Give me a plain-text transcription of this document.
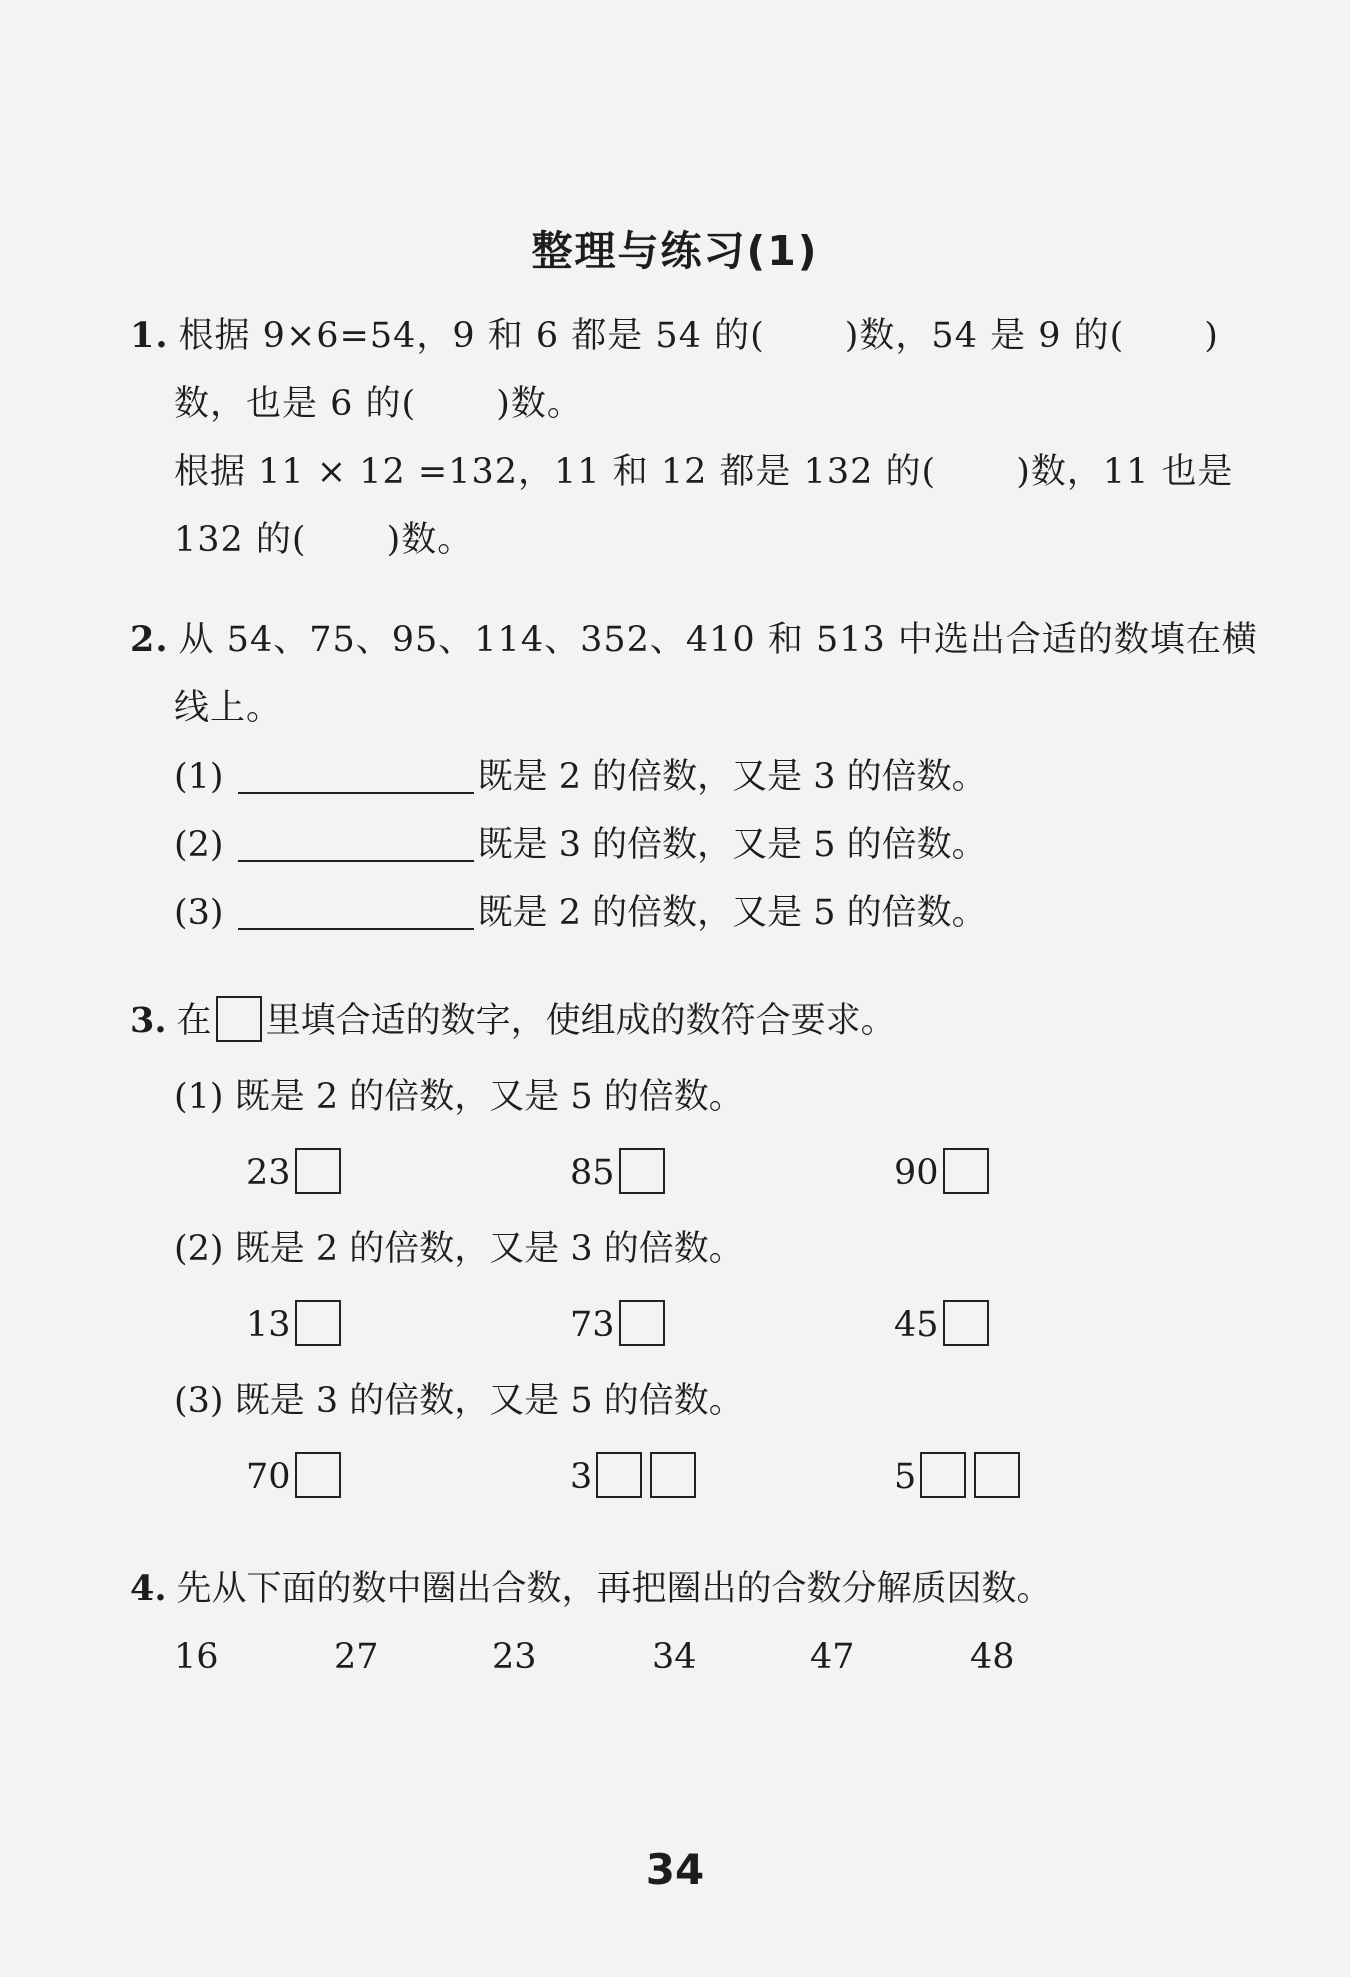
整理与练习(1)
1. 根据 9×6=54，9 和 6 都是 54 的( )数，54 是 9 的( )
数，也是 6 的( )数。
根据 11 × 12 =132，11 和 12 都是 132 的( )数，11 也是
132 的( )数。
2. 从 54、75、95、114、352、410 和 513 中选出合适的数填在横
线上。
(1)	既是 2 的倍数，又是 3 的倍数。
(2)	既是 3 的倍数，又是 5 的倍数。
(3)	既是 2 的倍数，又是 5 的倍数。
3. 在 里填合适的数字，使组成的数符合要求。
(1) 既是 2 的倍数，又是 5 的倍数。
23	85	90
(2) 既是 2 的倍数，又是 3 的倍数。
13	73	45
(3) 既是 3 的倍数，又是 5 的倍数。
70	3	5
4. 先从下面的数中圈出合数，再把圈出的合数分解质因数。
16	27	23	34	47	48
34
